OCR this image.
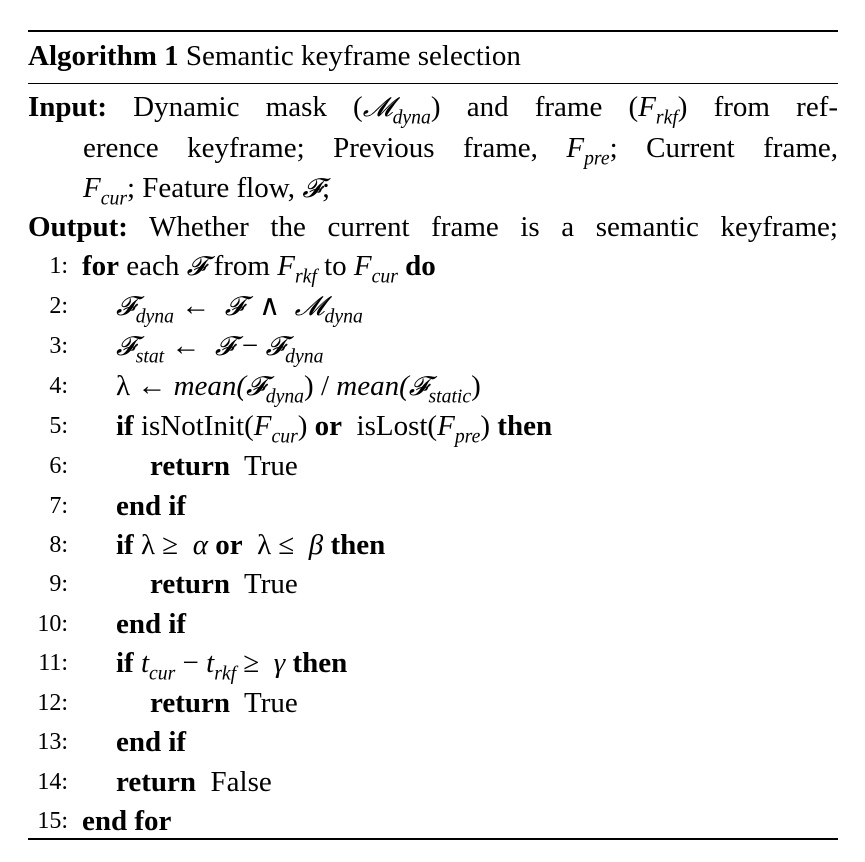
Algorithm 1 Semantic keyframe selection
Input: Dynamic mask (𝓜$_{dyna}$) and frame $(F_{rkf})$ from ref-
erence keyframe; Previous frame, $F_{pre}$; Current frame,
$F_{cur}$; Feature flow, 𝓕;
Output: Whether the current frame is a semantic keyframe;
1: for each 𝓕 from $F_{rkf}$ to $F_{cur}$ do
2: 𝓕$_{dyna}$ ← 𝓕 ∧ 𝓜$_{dyna}$
3: 𝓕$_{stat}$ ← 𝓕 − 𝓕$_{dyna}$
4: λ ← mean(𝓕$_{dyna}$) / mean(𝓕$_{static}$)
5: if $isNotInit(F_{cur})$ or $isLost(F_{pre})$ then
6:	return True
7: end if
8: if λ ≥ α or λ ≤ β then
9:	return True
10: end if
11: if $t_{cur} - t_{rkf} \ge \gamma$ then
12:	return True
13: end if
14: return False
15: end for
